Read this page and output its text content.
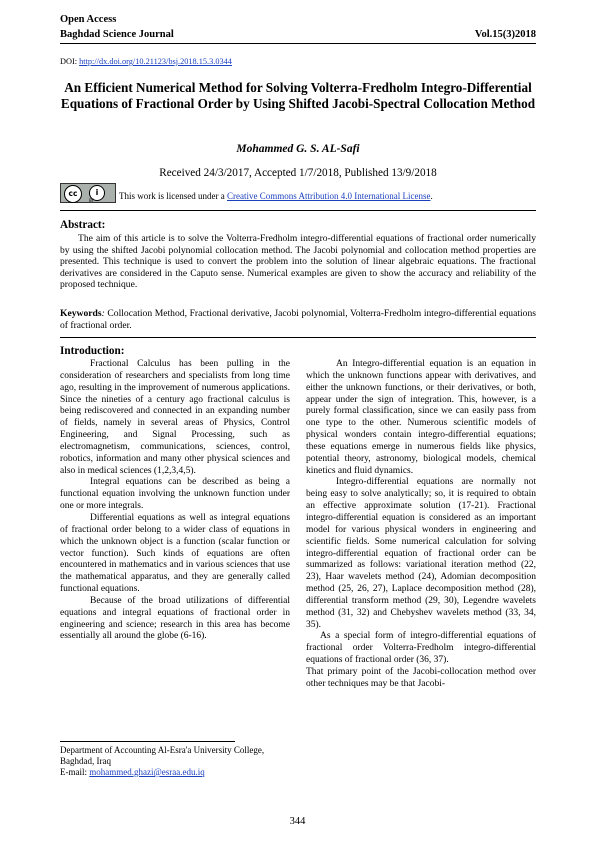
Open Access
Baghdad Science Journal	Vol.15(3)2018
DOI: http://dx.doi.org/10.21123/bsj.2018.15.3.0344
An Efficient Numerical Method for Solving Volterra-Fredholm Integro-Differential Equations of Fractional Order by Using Shifted Jacobi-Spectral Collocation Method
Mohammed G. S. AL-Safi
Received 24/3/2017, Accepted 1/7/2018, Published 13/9/2018
cc	i
BY	This work is licensed under a Creative Commons Attribution 4.0 International License.
Abstract:
The aim of this article is to solve the Volterra-Fredholm integro-differential equations of fractional order numerically by using the shifted Jacobi polynomial collocation method. The Jacobi polynomial and collocation method properties are presented. This technique is used to convert the problem into the solution of linear algebraic equations. The fractional derivatives are considered in the Caputo sense. Numerical examples are given to show the accuracy and reliability of the proposed technique.
Keywords: Collocation Method, Fractional derivative, Jacobi polynomial, Volterra-Fredholm integro-differential equations of fractional order.
Introduction:

Fractional Calculus has been pulling in the consideration of researchers and specialists from long time ago, resulting in the improvement of numerous applications. Since the nineties of a century ago fractional calculus is being rediscovered and connected in an expanding number of fields, namely in several areas of Physics, Control Engineering, and Signal Processing, such as electromagnetism, communications, sciences, control, robotics, information and many other physical sciences and also in medical sciences (1,2,3,4,5).

Integral equations can be described as being a functional equation involving the unknown function under one or more integrals.

Differential equations as well as integral equations of fractional order belong to a wider class of equations in which the unknown object is a function (scalar function or vector function). Such kinds of equations are often encountered in mathematics and in various sciences that use the mathematical apparatus, and they are generally called functional equations.

Because of the broad utilizations of differential equations and integral equations of fractional order in engineering and science; research in this area has become essentially all around the globe (6-16).

An Integro-differential equation is an equation in which the unknown functions appear with derivatives, and either the unknown functions, or their derivatives, or both, appear under the sign of integration. This, however, is a purely formal classification, since we can easily pass from one type to the other. Numerous scientific models of physical wonders contain integro-differential equations; these equations emerge in numerous fields like physics, potential theory, astronomy, biological models, chemical kinetics and fluid dynamics.

Integro-differential equations are normally not being easy to solve analytically; so, it is required to obtain an effective approximate solution (17-21). Fractional integro-differential equation is considered as an important model for various physical wonders in engineering and scientific fields. Some numerical calculation for solving integro-differential equation of fractional order can be summarized as follows: variational iteration method (22, 23), Haar wavelets method (24), Adomian decomposition method (25, 26, 27), Laplace decomposition method (28), differential transform method (29, 30), Legendre wavelets method (31, 32) and Chebyshev wavelets method (33, 34, 35).

As a special form of integro-differential equations of fractional order Volterra-Fredholm integro-differential equations of fractional order (36, 37).

That primary point of the Jacobi-collocation method over other techniques may be that Jacobi-

Department of Accounting Al-Esra'a University College, Baghdad, Iraq
E-mail: mohammed.ghazi@esraa.edu.iq
344
